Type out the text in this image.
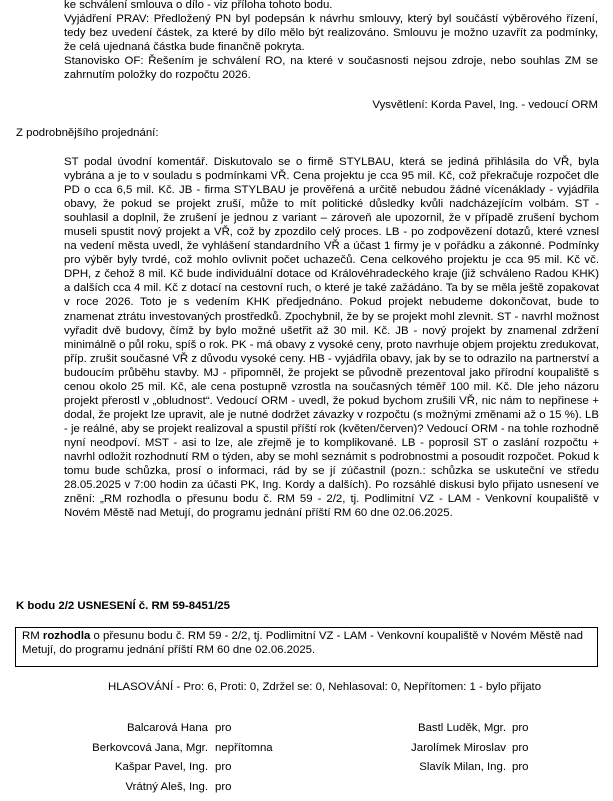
ke schválení smlouva o dílo - viz příloha tohoto bodu.

Vyjádření PRAV: Předložený PN byl podepsán k návrhu smlouvy, který byl součástí výběrového řízení, tedy bez uvedení částek, za které by dílo mělo být realizováno. Smlouvu je možno uzavřít za podmínky, že celá ujednaná částka bude finančně pokryta.

Stanovisko OF: Řešením je schválení RO, na které v současnosti nejsou zdroje, nebo souhlas ZM se zahrnutím položky do rozpočtu 2026.

Vysvětlení: Korda Pavel, Ing. - vedoucí ORM
Z podrobnějšího projednání:
ST podal úvodní komentář. Diskutovalo se o firmě STYLBAU, která se jediná přihlásila do VŘ, byla vybrána a je to v souladu s podmínkami VŘ. Cena projektu je cca 95 mil. Kč, což překračuje rozpočet dle PD o cca 6,5 mil. Kč. JB - firma STYLBAU je prověřená a určitě nebudou žádné vícenáklady - vyjádřila obavy, že pokud se projekt zruší, může to mít politické důsledky kvůli nadcházejícím volbám. ST - souhlasil a doplnil, že zrušení je jednou z variant – zároveň ale upozornil, že v případě zrušení bychom museli spustit nový projekt a VŘ, což by zpozdilo celý proces. LB - po zodpovězení dotazů, které vznesl na vedení města uvedl, že vyhlášení standardního VŘ a účast 1 firmy je v pořádku a zákonné. Podmínky pro výběr byly tvrdé, což mohlo ovlivnit počet uchazečů. Cena celkového projektu je cca 95 mil. Kč vč. DPH, z čehož 8 mil. Kč bude individuální dotace od Královéhradeckého kraje (již schváleno Radou KHK) a dalších cca 4 mil. Kč z dotací na cestovní ruch, o které je také zažádáno. Ta by se měla ještě zopakovat v roce 2026. Toto je s vedením KHK předjednáno. Pokud projekt nebudeme dokončovat, bude to znamenat ztrátu investovaných prostředků. Zpochybnil, že by se projekt mohl zlevnit. ST - navrhl možnost vyřadit dvě budovy, čímž by bylo možné ušetřit až 30 mil. Kč. JB - nový projekt by znamenal zdržení minimálně o půl roku, spíš o rok. PK - má obavy z vysoké ceny, proto navrhuje objem projektu zredukovat, příp. zrušit současné VŘ z důvodu vysoké ceny. HB - vyjádřila obavy, jak by se to odrazilo na partnerství a budoucím průběhu stavby. MJ - připomněl, že projekt se původně prezentoval jako přírodní koupaliště s cenou okolo 25 mil. Kč, ale cena postupně vzrostla na současných téměř 100 mil. Kč. Dle jeho názoru projekt přerostl v „obludnost“. Vedoucí ORM - uvedl, že pokud bychom zrušili VŘ, nic nám to nepřinese + dodal, že projekt lze upravit, ale je nutné dodržet závazky v rozpočtu (s možnými změnami až o 15 %). LB - je reálné, aby se projekt realizoval a spustil příští rok (květen/červen)? Vedoucí ORM - na tohle rozhodně nyní neodpoví. MST - asi to lze, ale zřejmě je to komplikované. LB - poprosil ST o zaslání rozpočtu + navrhl odložit rozhodnutí RM o týden, aby se mohl seznámit s podrobnostmi a posoudit rozpočet. Pokud k tomu bude schůzka, prosí o informaci, rád by se jí zúčastnil (pozn.: schůzka se uskuteční ve středu 28.05.2025 v 7:00 hodin za účasti PK, Ing. Kordy a dalších). Po rozsáhlé diskusi bylo přijato usnesení ve znění: „RM rozhodla o přesunu bodu č. RM 59 - 2/2, tj. Podlimitní VZ - LAM - Venkovní koupaliště v Novém Městě nad Metují, do programu jednání příští RM 60 dne 02.06.2025.
K bodu 2/2 USNESENÍ č. RM 59-8451/25
RM rozhodla o přesunu bodu č. RM 59 - 2/2, tj. Podlimitní VZ - LAM - Venkovní koupaliště v Novém Městě nad Metují, do programu jednání příští RM 60 dne 02.06.2025.
HLASOVÁNÍ - Pro: 6, Proti: 0, Zdržel se: 0, Nehlasoval: 0, Nepřítomen: 1 - bylo přijato
Balcarová Hana pro
Berkovcová Jana, Mgr. nepřítomna
Kašpar Pavel, Ing. pro
Vrátný Aleš, Ing. pro
Bastl Luděk, Mgr. pro
Jarolímek Miroslav pro
Slavík Milan, Ing. pro
